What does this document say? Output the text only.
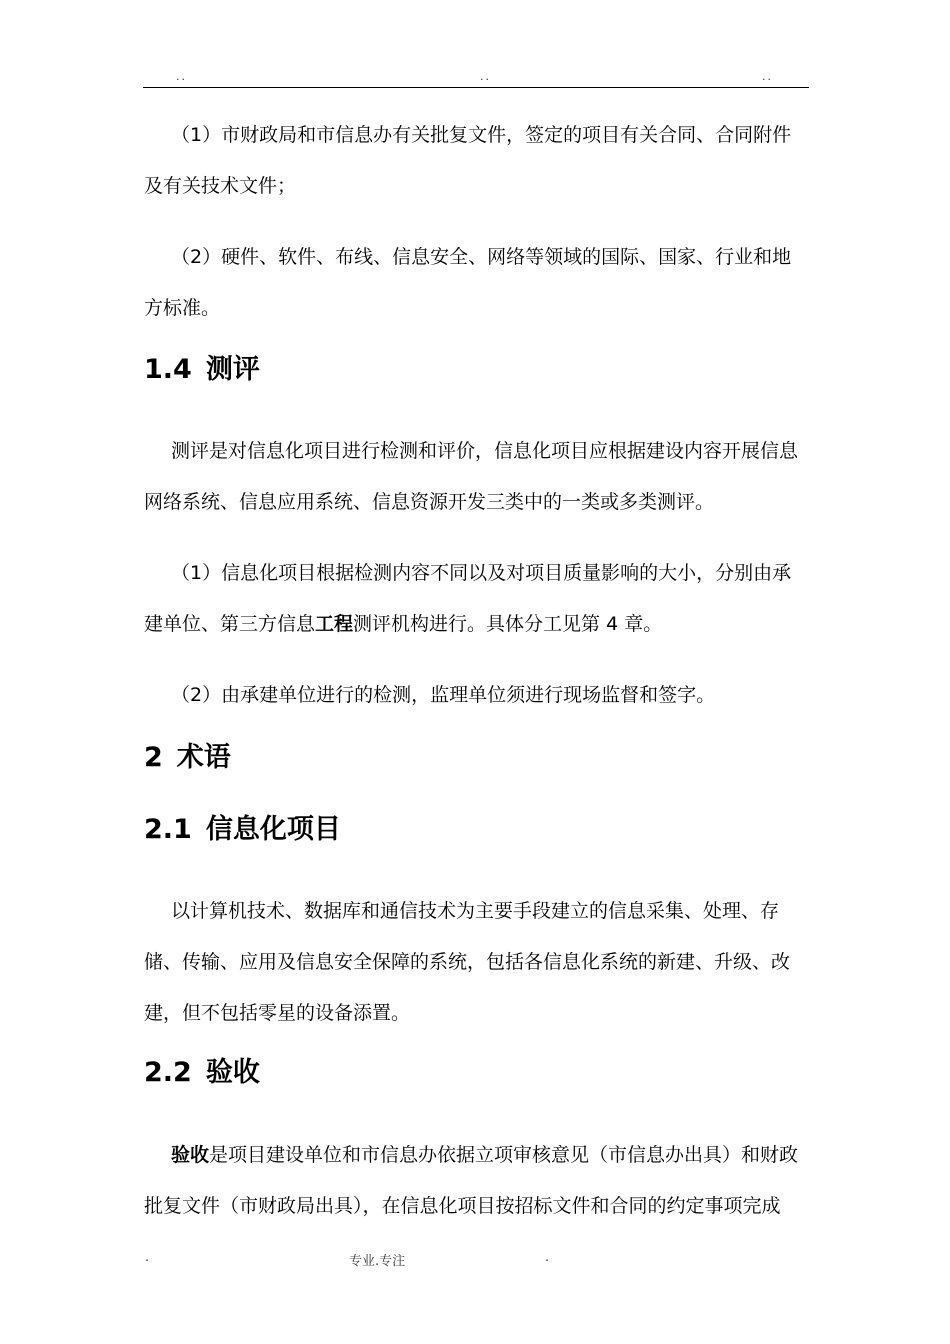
..	..	..

（1）市财政局和市信息办有关批复文件，签定的项目有关合同、合同附件及有关技术文件；

（2）硬件、软件、布线、信息安全、网络等领域的国际、国家、行业和地方标准。

1.4 测评

测评是对信息化项目进行检测和评价，信息化项目应根据建设内容开展信息网络系统、信息应用系统、信息资源开发三类中的一类或多类测评。

（1）信息化项目根据检测内容不同以及对项目质量影响的大小，分别由承建单位、第三方信息工程测评机构进行。具体分工见第 4 章。

（2）由承建单位进行的检测，监理单位须进行现场监督和签字。

2 术语
2.1 信息化项目

以计算机技术、数据库和通信技术为主要手段建立的信息采集、处理、存储、传输、应用及信息安全保障的系统，包括各信息化系统的新建、升级、改建，但不包括零星的设备添置。

2.2 验收

验收是项目建设单位和市信息办依据立项审核意见（市信息办出具）和财政批复文件（市财政局出具），在信息化项目按招标文件和合同的约定事项完成

.	专业.专注	.
